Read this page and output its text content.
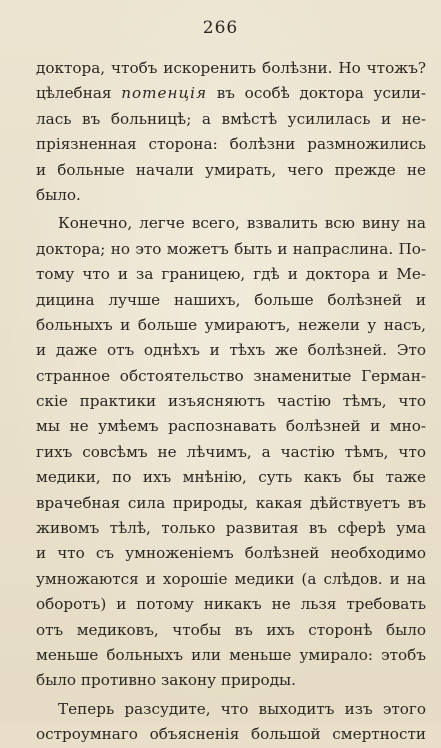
266
доктора, чтобъ искоренить болѣзни. Но чтожъ?
цѣлебная потенція въ особѣ доктора усили-
лась въ больницѣ; а вмѣстѣ усилилась и не-
пріязненная сторона: болѣзни размножились
и больные начали умирать, чего прежде не
было.
Конечно, легче всего, взвалить всю вину на
доктора; но это можетъ быть и напраслина. По-
тому что и за границею, гдѣ и доктора и Ме-
дицина лучше нашихъ, больше болѣзней и
больныхъ и больше умираютъ, нежели у насъ,
и даже отъ однѣхъ и тѣхъ же болѣзней. Это
странное обстоятельство знаменитые Герман-
скіе практики изъясняютъ частію тѣмъ, что
мы не умѣемъ распознавать болѣзней и мно-
гихъ совсѣмъ не лѣчимъ, а частію тѣмъ, что
медики, по ихъ мнѣнію, суть какъ бы таже
врачебная сила природы, какая дѣйствуетъ въ
живомъ тѣлѣ, только развитая въ сферѣ ума
и что съ умноженіемъ болѣзней необходимо
умножаются и хорошіе медики (а слѣдов. и на
оборотъ) и потому никакъ не льзя требовать
отъ медиковъ, чтобы въ ихъ сторонѣ было
меньше больныхъ или меньше умирало: этобъ
было противно закону природы.
Теперь разсудите, что выходитъ изъ этого
остроумнаго объясненія большой смертности
